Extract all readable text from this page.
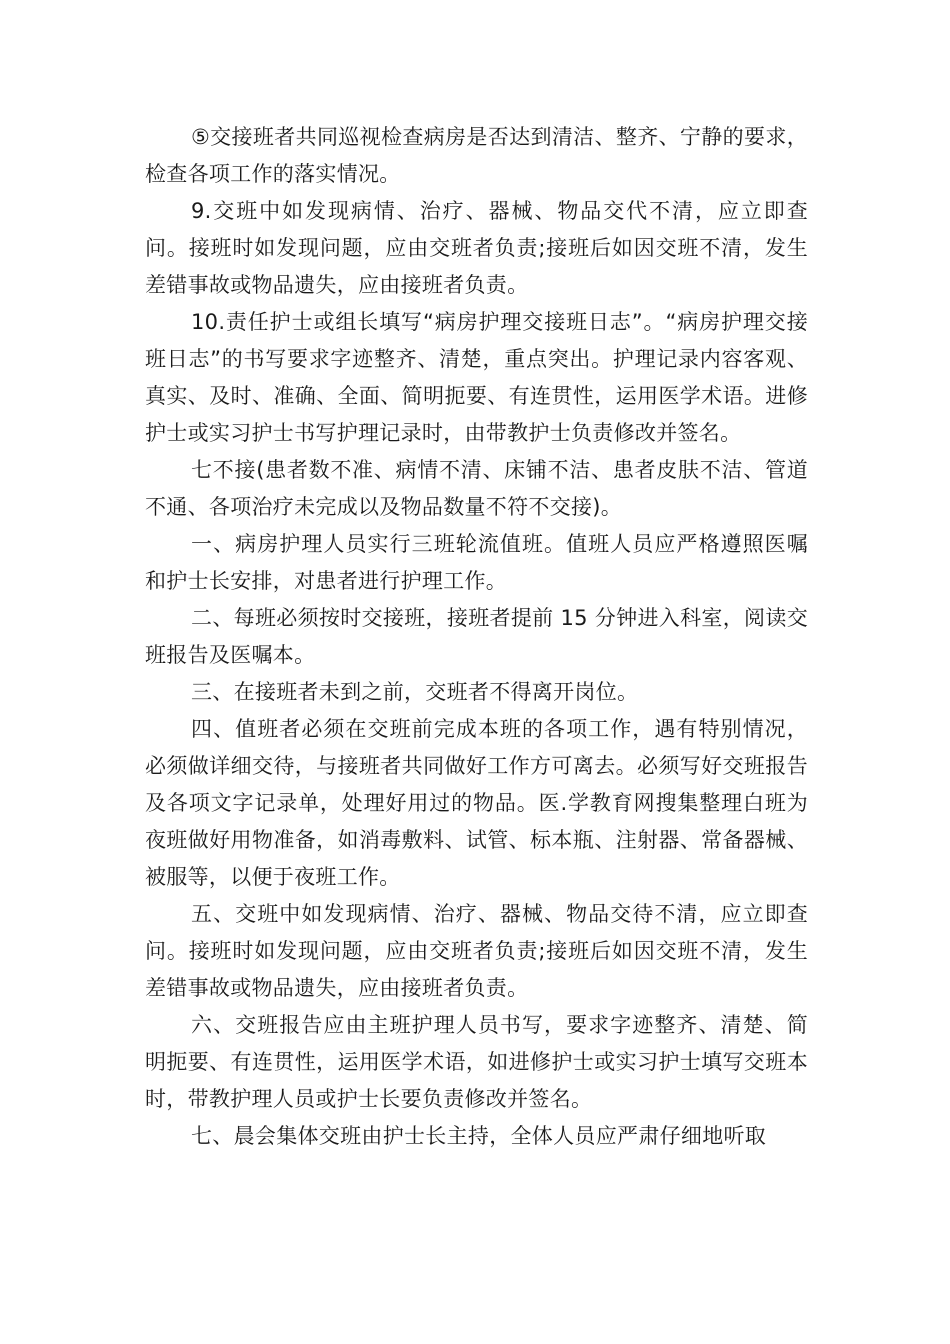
⑤交接班者共同巡视检查病房是否达到清洁、整齐、宁静的要求，检查各项工作的落实情况。

9.交班中如发现病情、治疗、器械、物品交代不清，应立即查问。接班时如发现问题，应由交班者负责;接班后如因交班不清，发生差错事故或物品遗失，应由接班者负责。

10.责任护士或组长填写“病房护理交接班日志”。“病房护理交接班日志”的书写要求字迹整齐、清楚，重点突出。护理记录内容客观、真实、及时、准确、全面、简明扼要、有连贯性，运用医学术语。进修护士或实习护士书写护理记录时，由带教护士负责修改并签名。

七不接(患者数不准、病情不清、床铺不洁、患者皮肤不洁、管道不通、各项治疗未完成以及物品数量不符不交接)。

一、病房护理人员实行三班轮流值班。值班人员应严格遵照医嘱和护士长安排，对患者进行护理工作。

二、每班必须按时交接班，接班者提前 15 分钟进入科室，阅读交班报告及医嘱本。

三、在接班者未到之前，交班者不得离开岗位。

四、值班者必须在交班前完成本班的各项工作，遇有特别情况，必须做详细交待，与接班者共同做好工作方可离去。必须写好交班报告及各项文字记录单，处理好用过的物品。医.学教育网搜集整理白班为夜班做好用物准备，如消毒敷料、试管、标本瓶、注射器、常备器械、被服等，以便于夜班工作。

五、交班中如发现病情、治疗、器械、物品交待不清，应立即查问。接班时如发现问题，应由交班者负责;接班后如因交班不清，发生差错事故或物品遗失，应由接班者负责。

六、交班报告应由主班护理人员书写，要求字迹整齐、清楚、简明扼要、有连贯性，运用医学术语，如进修护士或实习护士填写交班本时，带教护理人员或护士长要负责修改并签名。

七、晨会集体交班由护士长主持，全体人员应严肃仔细地听取
